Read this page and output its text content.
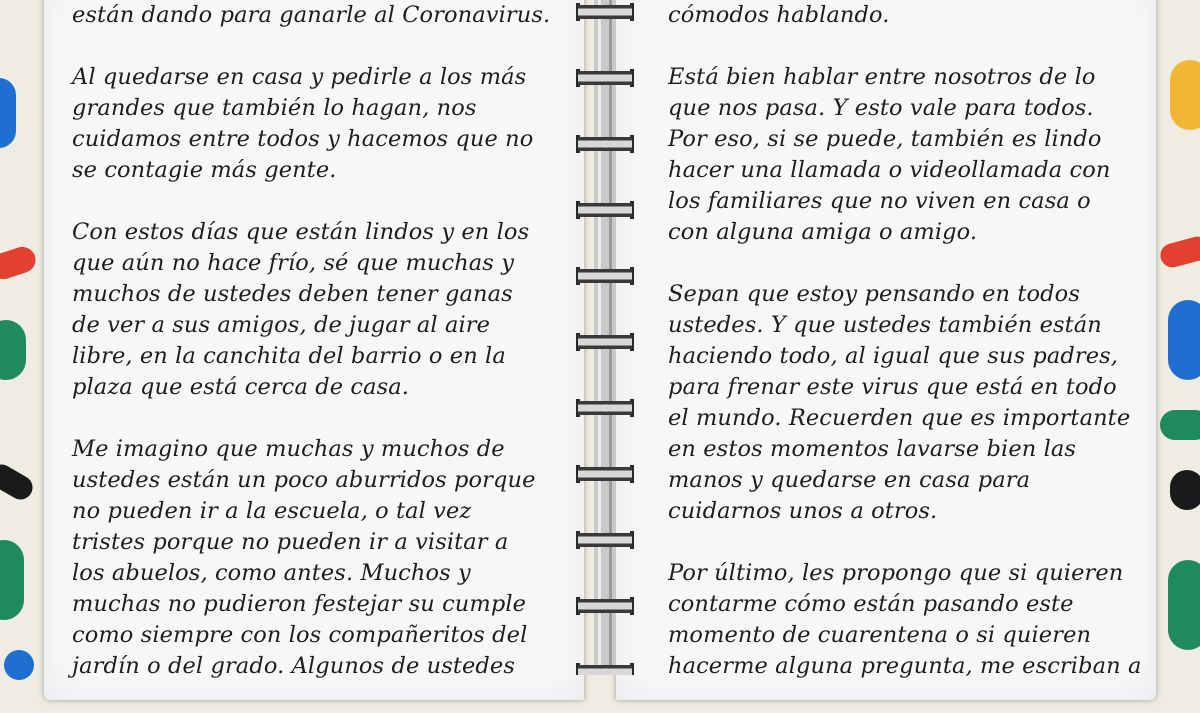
están dando para ganarle al Coronavirus.

Al quedarse en casa y pedirle a los más
grandes que también lo hagan, nos
cuidamos entre todos y hacemos que no
se contagie más gente.

Con estos días que están lindos y en los
que aún no hace frío, sé que muchas y
muchos de ustedes deben tener ganas
de ver a sus amigos, de jugar al aire
libre, en la canchita del barrio o en la
plaza que está cerca de casa.

Me imagino que muchas y muchos de
ustedes están un poco aburridos porque
no pueden ir a la escuela, o tal vez
tristes porque no pueden ir a visitar a
los abuelos, como antes. Muchos y
muchas no pudieron festejar su cumple
como siempre con los compañeritos del
jardín o del grado. Algunos de ustedes

cómodos hablando.

Está bien hablar entre nosotros de lo
que nos pasa. Y esto vale para todos.
Por eso, si se puede, también es lindo
hacer una llamada o videollamada con
los familiares que no viven en casa o
con alguna amiga o amigo.

Sepan que estoy pensando en todos
ustedes. Y que ustedes también están
haciendo todo, al igual que sus padres,
para frenar este virus que está en todo
el mundo. Recuerden que es importante
en estos momentos lavarse bien las
manos y quedarse en casa para
cuidarnos unos a otros.

Por último, les propongo que si quieren
contarme cómo están pasando este
momento de cuarentena o si quieren
hacerme alguna pregunta, me escriban a
